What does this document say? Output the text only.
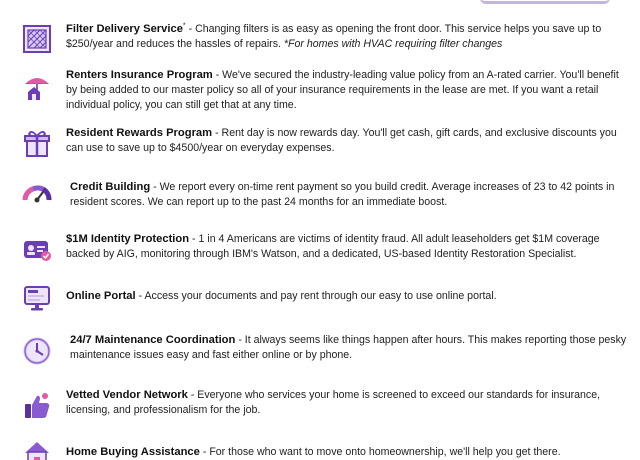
Filter Delivery Service* - Changing filters is as easy as opening the front door. This service helps you save up to $250/year and reduces the hassles of repairs. *For homes with HVAC requiring filter changes
Renters Insurance Program - We've secured the industry-leading value policy from an A-rated carrier. You'll benefit by being added to our master policy so all of your insurance requirements in the lease are met. If you want a retail individual policy, you can still get that at any time.
Resident Rewards Program - Rent day is now rewards day. You'll get cash, gift cards, and exclusive discounts you can use to save up to $4500/year on everyday expenses.
Credit Building - We report every on-time rent payment so you build credit. Average increases of 23 to 42 points in resident scores. We can report up to the past 24 months for an immediate boost.
$1M Identity Protection - 1 in 4 Americans are victims of identity fraud. All adult leaseholders get $1M coverage backed by AIG, monitoring through IBM's Watson, and a dedicated, US-based Identity Restoration Specialist.
Online Portal - Access your documents and pay rent through our easy to use online portal.
24/7 Maintenance Coordination - It always seems like things happen after hours. This makes reporting those pesky maintenance issues easy and fast either online or by phone.
Vetted Vendor Network - Everyone who services your home is screened to exceed our standards for insurance, licensing, and professionalism for the job.
Home Buying Assistance - For those who want to move onto homeownership, we'll help you get there.
